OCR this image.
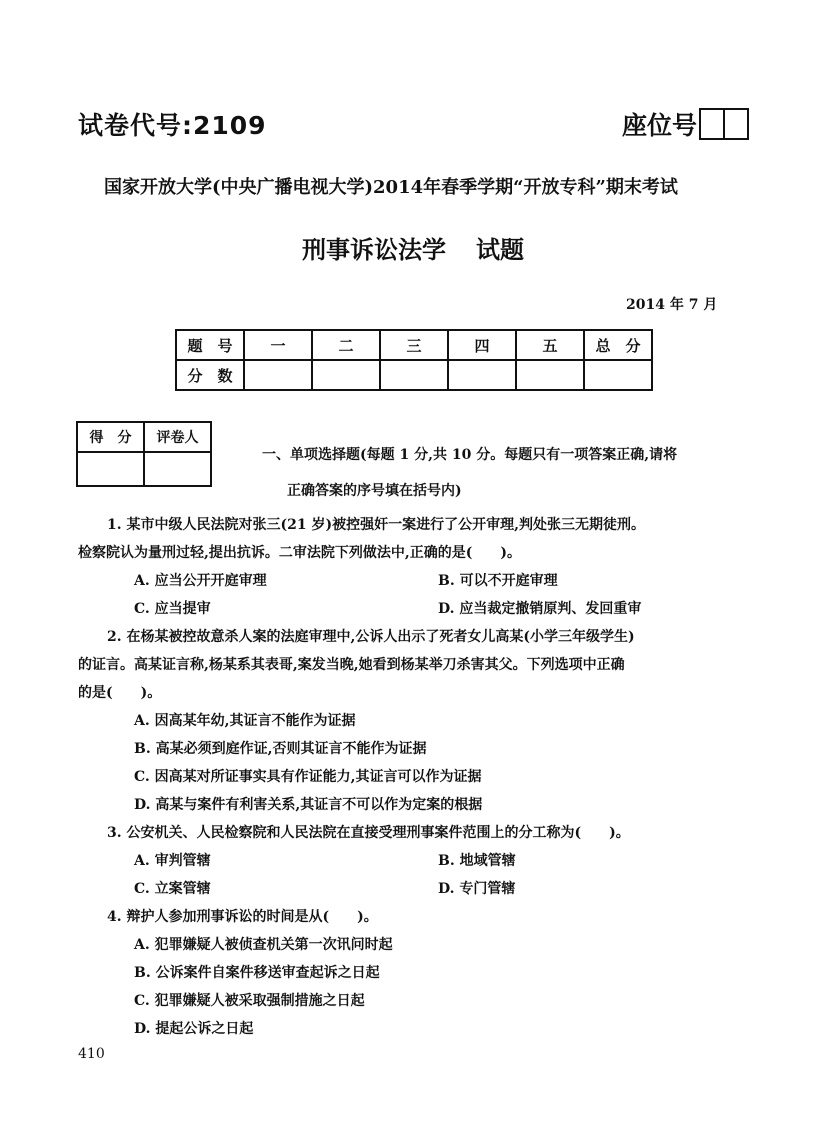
试卷代号:2109	座位号
国家开放大学(中央广播电视大学)2014年春季学期“开放专科”期末考试
刑事诉讼法学 试题
2014 年 7 月
题　号	一	二	三	四	五	总　分
分　数						
得　分	评卷人

一、单项选择题(每题 1 分,共 10 分。每题只有一项答案正确,请将
正确答案的序号填在括号内)
1. 某市中级人民法院对张三(21 岁)被控强奸一案进行了公开审理,判处张三无期徒刑。
检察院认为量刑过轻,提出抗诉。二审法院下列做法中,正确的是(　　)。
A. 应当公开开庭审理	B. 可以不开庭审理
C. 应当提审	D. 应当裁定撤销原判、发回重审
2. 在杨某被控故意杀人案的法庭审理中,公诉人出示了死者女儿高某(小学三年级学生)
的证言。高某证言称,杨某系其表哥,案发当晚,她看到杨某举刀杀害其父。下列选项中正确
的是(　　)。
A. 因高某年幼,其证言不能作为证据
B. 高某必须到庭作证,否则其证言不能作为证据
C. 因高某对所证事实具有作证能力,其证言可以作为证据
D. 高某与案件有利害关系,其证言不可以作为定案的根据
3. 公安机关、人民检察院和人民法院在直接受理刑事案件范围上的分工称为(　　)。
A. 审判管辖	B. 地域管辖
C. 立案管辖	D. 专门管辖
4. 辩护人参加刑事诉讼的时间是从(　　)。
A. 犯罪嫌疑人被侦查机关第一次讯问时起
B. 公诉案件自案件移送审查起诉之日起
C. 犯罪嫌疑人被采取强制措施之日起
D. 提起公诉之日起
410
